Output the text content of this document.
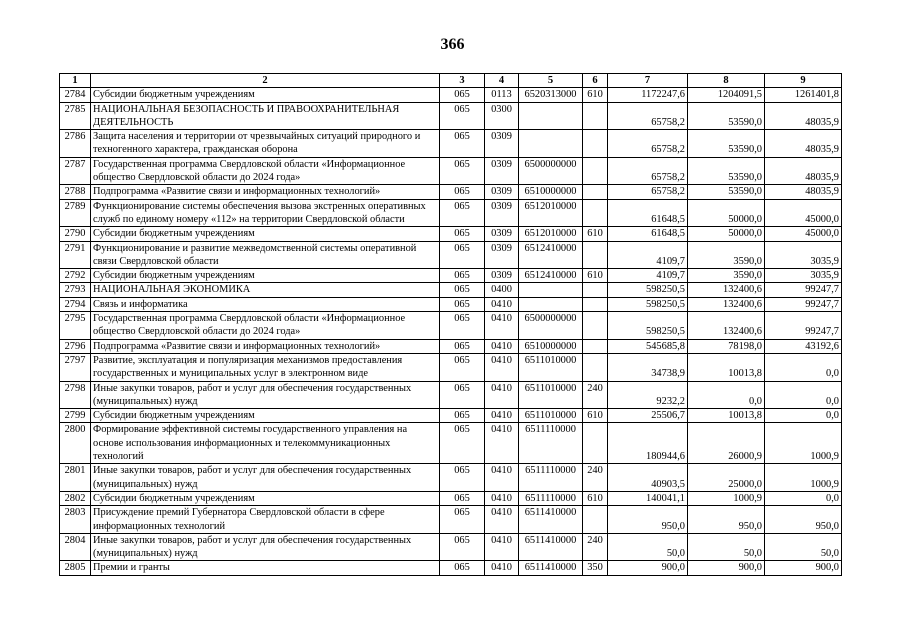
366
1	2	3	4	5	6	7	8	9
2784	Субсидии бюджетным учреждениям	065	0113	6520313000	610	1172247,6	1204091,5	1261401,8
2785	НАЦИОНАЛЬНАЯ БЕЗОПАСНОСТЬ И ПРАВООХРАНИТЕЛЬНАЯ ДЕЯТЕЛЬНОСТЬ	065	0300			65758,2	53590,0	48035,9
2786	Защита населения и территории от чрезвычайных ситуаций природного и техногенного характера, гражданская оборона	065	0309			65758,2	53590,0	48035,9
2787	Государственная программа Свердловской области «Информационное общество Свердловской области до 2024 года»	065	0309	6500000000		65758,2	53590,0	48035,9
2788	Подпрограмма «Развитие связи и информационных технологий»	065	0309	6510000000		65758,2	53590,0	48035,9
2789	Функционирование системы обеспечения вызова экстренных оперативных служб по единому номеру «112» на территории Свердловской области	065	0309	6512010000		61648,5	50000,0	45000,0
2790	Субсидии бюджетным учреждениям	065	0309	6512010000	610	61648,5	50000,0	45000,0
2791	Функционирование и развитие межведомственной системы оперативной связи Свердловской области	065	0309	6512410000		4109,7	3590,0	3035,9
2792	Субсидии бюджетным учреждениям	065	0309	6512410000	610	4109,7	3590,0	3035,9
2793	НАЦИОНАЛЬНАЯ ЭКОНОМИКА	065	0400			598250,5	132400,6	99247,7
2794	Связь и информатика	065	0410			598250,5	132400,6	99247,7
2795	Государственная программа Свердловской области «Информационное общество Свердловской области до 2024 года»	065	0410	6500000000		598250,5	132400,6	99247,7
2796	Подпрограмма «Развитие связи и информационных технологий»	065	0410	6510000000		545685,8	78198,0	43192,6
2797	Развитие, эксплуатация и популяризация механизмов предоставления государственных и муниципальных услуг в электронном виде	065	0410	6511010000		34738,9	10013,8	0,0
2798	Иные закупки товаров, работ и услуг для обеспечения государственных (муниципальных) нужд	065	0410	6511010000	240	9232,2	0,0	0,0
2799	Субсидии бюджетным учреждениям	065	0410	6511010000	610	25506,7	10013,8	0,0
2800	Формирование эффективной системы государственного управления на основе использования информационных и телекоммуникационных технологий	065	0410	6511110000		180944,6	26000,9	1000,9
2801	Иные закупки товаров, работ и услуг для обеспечения государственных (муниципальных) нужд	065	0410	6511110000	240	40903,5	25000,0	1000,9
2802	Субсидии бюджетным учреждениям	065	0410	6511110000	610	140041,1	1000,9	0,0
2803	Присуждение премий Губернатора Свердловской области в сфере информационных технологий	065	0410	6511410000		950,0	950,0	950,0
2804	Иные закупки товаров, работ и услуг для обеспечения государственных (муниципальных) нужд	065	0410	6511410000	240	50,0	50,0	50,0
2805	Премии и гранты	065	0410	6511410000	350	900,0	900,0	900,0
